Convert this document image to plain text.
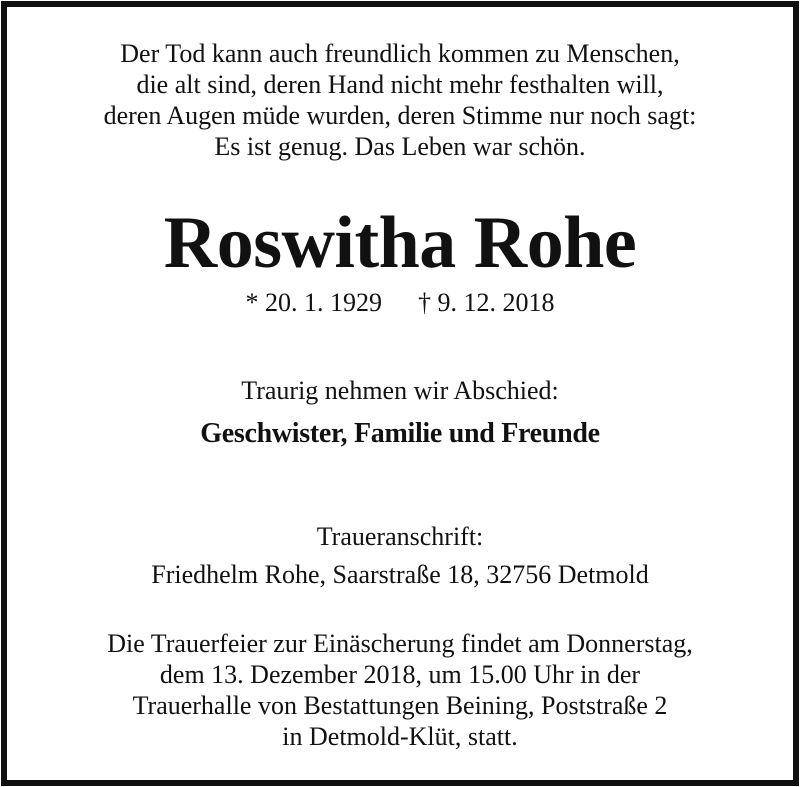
Der Tod kann auch freundlich kommen zu Menschen,
die alt sind, deren Hand nicht mehr festhalten will,
deren Augen müde wurden, deren Stimme nur noch sagt:
Es ist genug. Das Leben war schön.
Roswitha Rohe
* 20. 1. 1929 † 9. 12. 2018
Traurig nehmen wir Abschied:
Geschwister, Familie und Freunde
Traueranschrift:
Friedhelm Rohe, Saarstraße 18, 32756 Detmold
Die Trauerfeier zur Einäscherung findet am Donnerstag,
dem 13. Dezember 2018, um 15.00 Uhr in der
Trauerhalle von Bestattungen Beining, Poststraße 2
in Detmold-Klüt, statt.
